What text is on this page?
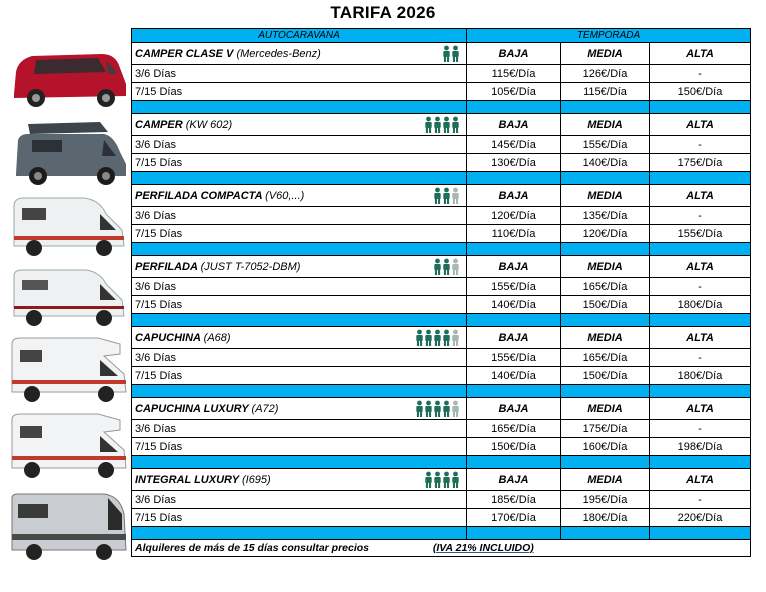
TARIFA 2026
AUTOCARAVANA	TEMPORADA		
CAMPER CLASE V (Mercedes-Benz)	BAJA	MEDIA	ALTA
3/6 Días	115€/Día	126€/Día	-
7/15 Días	105€/Día	115€/Día	150€/Día

CAMPER (KW 602)	BAJA	MEDIA	ALTA
3/6 Días	145€/Día	155€/Día	-
7/15 Días	130€/Día	140€/Día	175€/Día

PERFILADA COMPACTA (V60,...)	BAJA	MEDIA	ALTA
3/6 Días	120€/Día	135€/Día	-
7/15 Días	110€/Día	120€/Día	155€/Día

PERFILADA (JUST T-7052-DBM)	BAJA	MEDIA	ALTA
3/6 Días	155€/Día	165€/Día	-
7/15 Días	140€/Día	150€/Día	180€/Día

CAPUCHINA (A68)	BAJA	MEDIA	ALTA
3/6 Días	155€/Día	165€/Día	-
7/15 Días	140€/Día	150€/Día	180€/Día

CAPUCHINA LUXURY (A72)	BAJA	MEDIA	ALTA
3/6 Días	165€/Día	175€/Día	-
7/15 Días	150€/Día	160€/Día	198€/Día

INTEGRAL LUXURY (I695)	BAJA	MEDIA	ALTA
3/6 Días	185€/Día	195€/Día	-
7/15 Días	170€/Día	180€/Día	220€/Día

Alquileres de más de 15 días consultar precios (IVA 21% INCLUIDO)			
